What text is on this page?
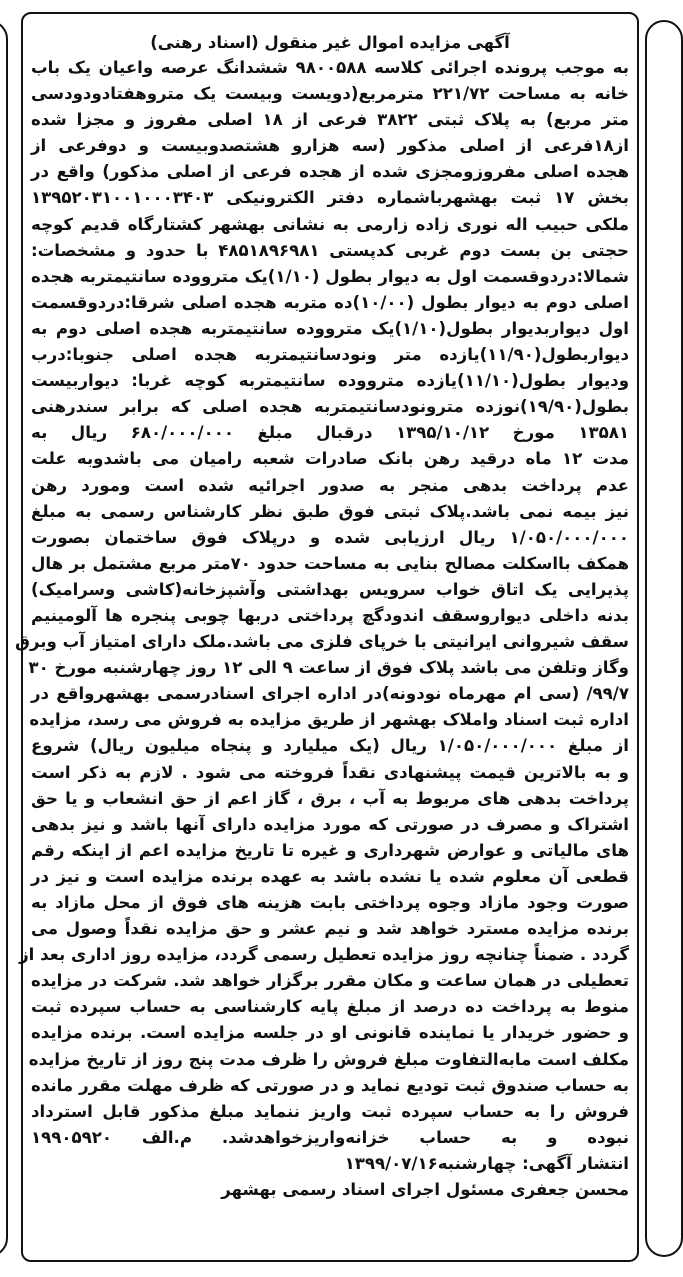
آگهی مزایده اموال غیر منقول (اسناد رهنی)
به موجب پرونده اجرائی کلاسه ۹۸۰۰۵۸۸ ششدانگ عرصه واعیان یک باب
خانه به مساحت ۲۲۱/۷۲ مترمربع(دویست وبیست یک متروهفتادودودسی
متر مربع) به پلاک ثبتی ۳۸۲۲ فرعی از ۱۸ اصلی مفروز و مجزا شده
از۱۸فرعی از اصلی مذکور (سه هزارو هشتصدوبیست و دوفرعی از
هجده اصلی مفروزومجزی شده از هجده فرعی از اصلی مذکور) واقع در
بخش ۱۷ ثبت بهشهرباشماره دفتر الکترونیکی ۱۳۹۵۲۰۳۱۰۰۱۰۰۰۳۴۰۳
ملکی حبیب اله نوری زاده زارمی به نشانی بهشهر کشتارگاه قدیم کوچه
حجتی بن بست دوم غربی کدپستی ۴۸۵۱۸۹۶۹۸۱ با حدود و مشخصات:
شمالا:دردوقسمت اول به دیوار بطول (۱/۱۰)یک مترووده سانتیمتربه هجده
اصلی دوم به دیوار بطول (۱۰/۰۰)ده متربه هجده اصلی شرقا:دردوقسمت
اول دیواربدیوار بطول(۱/۱۰)یک مترووده سانتیمتربه هجده اصلی دوم به
دیواربطول(۱۱/۹۰)یازده متر ونودسانتیمتربه هجده اصلی جنوبا:درب
ودیوار بطول(۱۱/۱۰)یازده مترووده سانتیمتربه کوچه غربا: دیواربیست
بطول(۱۹/۹۰)نوزده مترونودسانتیمتربه هجده اصلی که برابر سندرهنی
۱۳۵۸۱ مورخ ۱۳۹۵/۱۰/۱۲ درقبال مبلغ ۶۸۰/۰۰۰/۰۰۰ ریال به
مدت ۱۲ ماه درقید رهن بانک صادرات شعبه رامیان می باشدوبه علت
عدم پرداخت بدهی منجر به صدور اجرائیه شده است ومورد رهن
نیز بیمه نمی باشد.پلاک ثبتی فوق طبق نظر کارشناس رسمی به مبلغ
۱/۰۵۰/۰۰۰/۰۰۰ ریال ارزیابی شده و درپلاک فوق ساختمان بصورت
همکف بااسکلت مصالح بنایی به مساحت حدود ۷۰متر مربع مشتمل بر هال
پذیرایی یک اتاق خواب سرویس بهداشتی وآشپزخانه(کاشی وسرامیک)
بدنه داخلی دیواروسقف اندودگچ پرداختی دربها چوبی پنجره ها آلومینیم
سقف شیروانی ایرانیتی با خرپای فلزی می باشد.ملک دارای امتیاز آب وبرق
وگاز وتلفن می باشد پلاک فوق از ساعت ۹ الی ۱۲ روز چهارشنبه مورخ ۳۰
۹۹/۷/ (سی ام مهرماه نودونه)در اداره اجرای اسنادرسمی بهشهرواقع در
اداره ثبت اسناد واملاک بهشهر از طریق مزایده به فروش می رسد، مزایده
از مبلغ ۱/۰۵۰/۰۰۰/۰۰۰ ریال (یک میلیارد و پنجاه میلیون ریال) شروع
و به بالاترین قیمت پیشنهادی نقداً فروخته می شود . لازم به ذکر است
پرداخت بدهی های مربوط به آب ، برق ، گاز اعم از حق انشعاب و یا حق
اشتراک و مصرف در صورتی که مورد مزایده دارای آنها باشد و نیز بدهی
های مالیاتی و عوارض شهرداری و غیره تا تاریخ مزایده اعم از اینکه رقم
قطعی آن معلوم شده یا نشده باشد به عهده برنده مزایده است و نیز در
صورت وجود مازاد وجوه پرداختی بابت هزینه های فوق از محل مازاد به
برنده مزایده مسترد خواهد شد و نیم عشر و حق مزایده نقداً وصول می
گردد . ضمناً چنانچه روز مزایده تعطیل رسمی گردد، مزایده روز اداری بعد از
تعطیلی در همان ساعت و مکان مقرر برگزار خواهد شد. شرکت در مزایده
منوط به پرداخت ده درصد از مبلغ پایه کارشناسی به حساب سپرده ثبت
و حضور خریدار یا نماینده قانونی او در جلسه مزایده است. برنده مزایده
مکلف است مابه‌التفاوت مبلغ فروش را ظرف مدت پنج روز از تاریخ مزایده
به حساب صندوق ثبت تودیع نماید و در صورتی که ظرف مهلت مقرر مانده
فروش را به حساب سپرده ثبت واریز ننماید مبلغ مذکور قابل استرداد
نبوده و به حساب خزانه‌واریزخواهدشد. م.الف ۱۹۹۰۵۹۲۰
انتشار آگهی: چهارشنبه۱۳۹۹/۰۷/۱۶
محسن جعفری مسئول اجرای اسناد رسمی بهشهر
